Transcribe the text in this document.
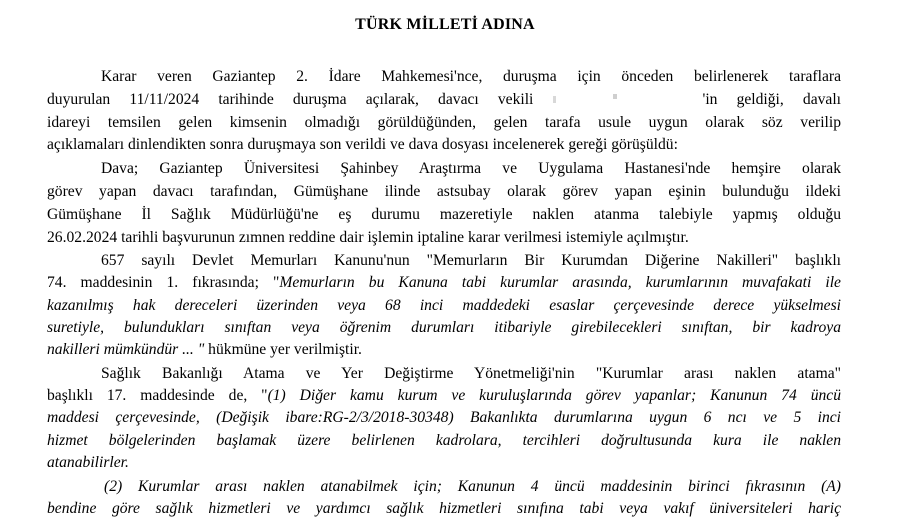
TÜRK MİLLETİ ADINA
Karar veren Gaziantep 2. İdare Mahkemesi'nce, duruşma için önceden belirlenerek taraflara
duyurulan 11/11/2024 tarihinde duruşma açılarak, davacı vekili	'in geldiği, davalı
idareyi temsilen gelen kimsenin olmadığı görüldüğünden, gelen tarafa usule uygun olarak söz verilip
açıklamaları dinlendikten sonra duruşmaya son verildi ve dava dosyası incelenerek gereği görüşüldü:
Dava; Gaziantep Üniversitesi Şahinbey Araştırma ve Uygulama Hastanesi'nde hemşire olarak
görev yapan davacı tarafından, Gümüşhane ilinde astsubay olarak görev yapan eşinin bulunduğu ildeki
Gümüşhane İl Sağlık Müdürlüğü'ne eş durumu mazeretiyle naklen atanma talebiyle yapmış olduğu
26.02.2024 tarihli başvurunun zımnen reddine dair işlemin iptaline karar verilmesi istemiyle açılmıştır.
657 sayılı Devlet Memurları Kanunu'nun "Memurların Bir Kurumdan Diğerine Nakilleri" başlıklı
74. maddesinin 1. fıkrasında; "Memurların bu Kanuna tabi kurumlar arasında, kurumlarının muvafakati ile
kazanılmış hak dereceleri üzerinden veya 68 inci maddedeki esaslar çerçevesinde derece yükselmesi
suretiyle, bulundukları sınıftan veya öğrenim durumları itibariyle girebilecekleri sınıftan, bir kadroya
nakilleri mümkündür ... " hükmüne yer verilmiştir.
Sağlık Bakanlığı Atama ve Yer Değiştirme Yönetmeliği'nin "Kurumlar arası naklen atama"
başlıklı 17. maddesinde de, "(1) Diğer kamu kurum ve kuruluşlarında görev yapanlar; Kanunun 74 üncü
maddesi çerçevesinde, (Değişik ibare:RG-2/3/2018-30348) Bakanlıkta durumlarına uygun 6 ncı ve 5 inci
hizmet bölgelerinden başlamak üzere belirlenen kadrolara, tercihleri doğrultusunda kura ile naklen
atanabilirler.
(2) Kurumlar arası naklen atanabilmek için; Kanunun 4 üncü maddesinin birinci fıkrasının (A)
bendine göre sağlık hizmetleri ve yardımcı sağlık hizmetleri sınıfına tabi veya vakıf üniversiteleri hariç
